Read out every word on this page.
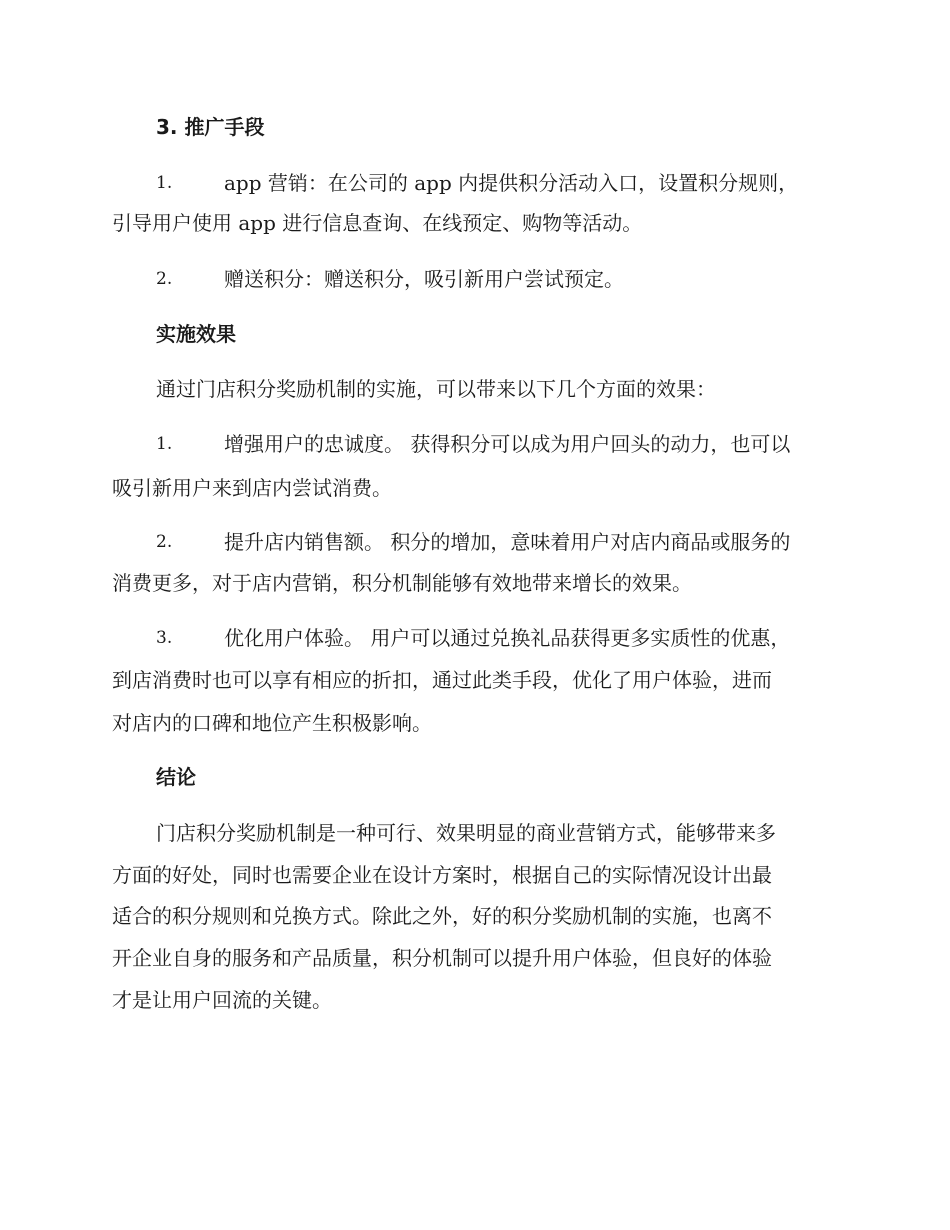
3. 推广手段
1.	app 营销：在公司的 app 内提供积分活动入口，设置积分规则，
引导用户使用 app 进行信息查询、在线预定、购物等活动。
2.	赠送积分：赠送积分，吸引新用户尝试预定。
实施效果
通过门店积分奖励机制的实施，可以带来以下几个方面的效果：
1.	增强用户的忠诚度。 获得积分可以成为用户回头的动力，也可以
吸引新用户来到店内尝试消费。
2.	提升店内销售额。 积分的增加，意味着用户对店内商品或服务的
消费更多，对于店内营销，积分机制能够有效地带来增长的效果。
3.	优化用户体验。 用户可以通过兑换礼品获得更多实质性的优惠，
到店消费时也可以享有相应的折扣，通过此类手段，优化了用户体验，进而
对店内的口碑和地位产生积极影响。
结论
门店积分奖励机制是一种可行、效果明显的商业营销方式，能够带来多
方面的好处，同时也需要企业在设计方案时，根据自己的实际情况设计出最
适合的积分规则和兑换方式。除此之外，好的积分奖励机制的实施，也离不
开企业自身的服务和产品质量，积分机制可以提升用户体验，但良好的体验
才是让用户回流的关键。
